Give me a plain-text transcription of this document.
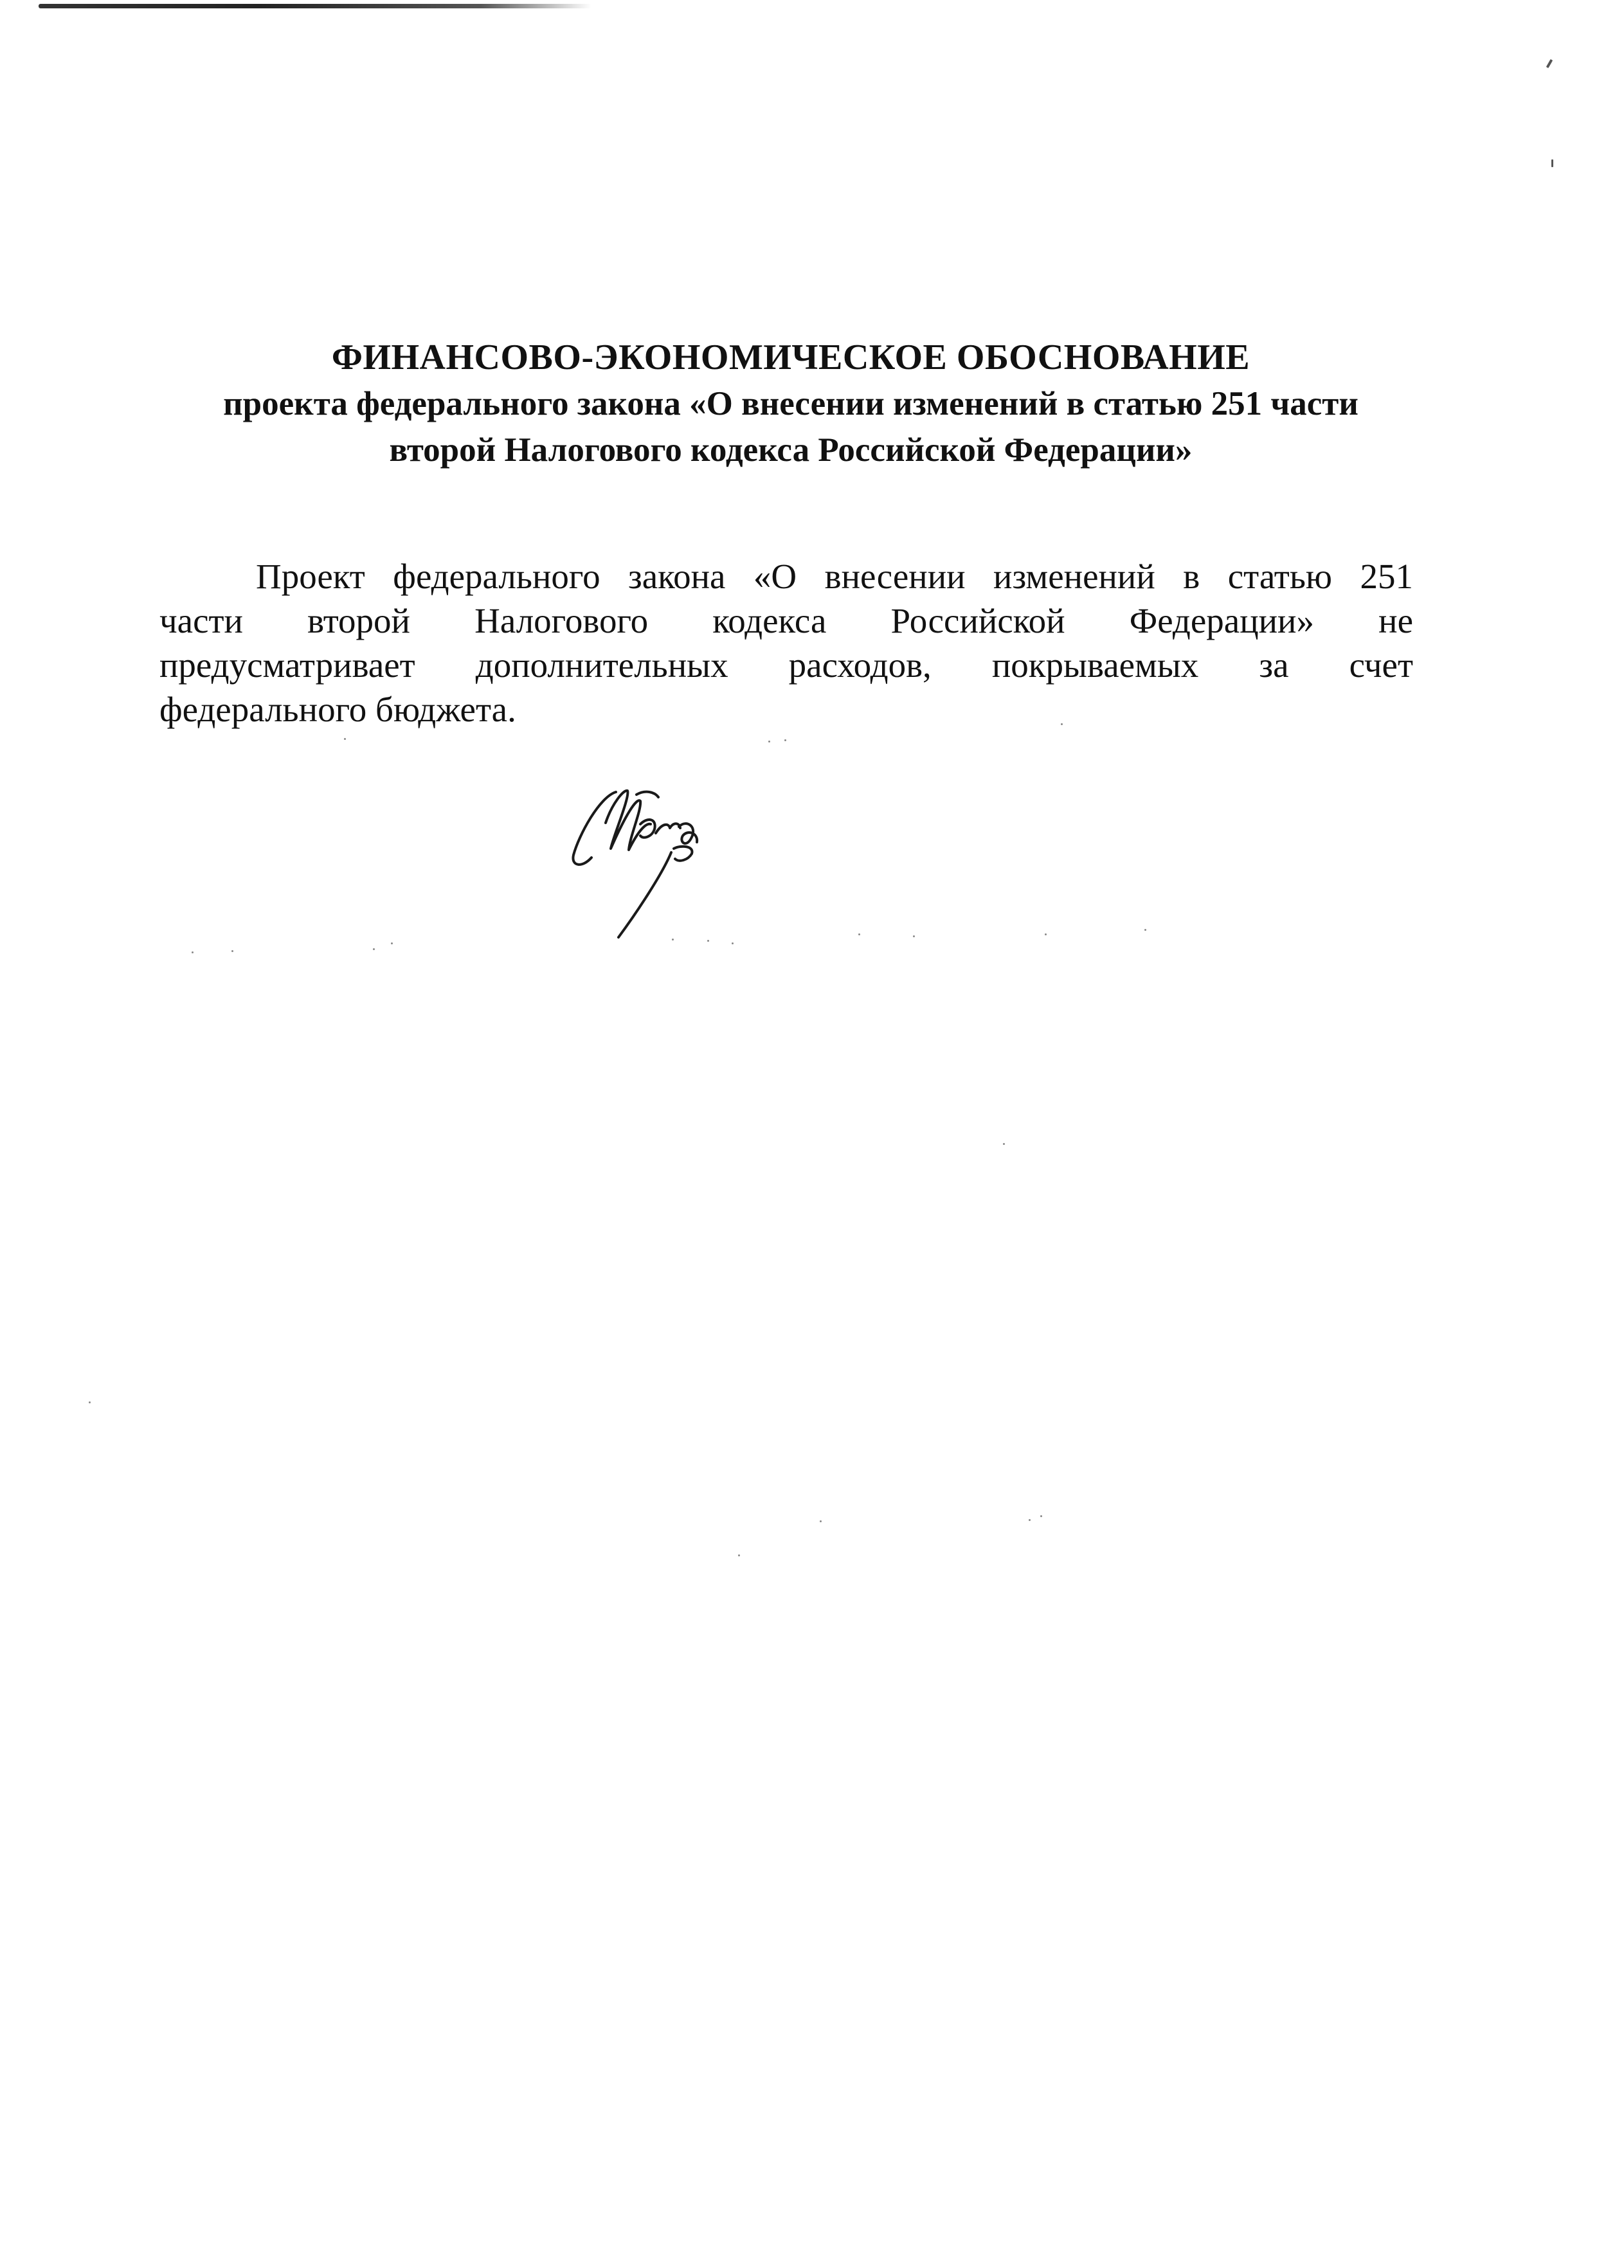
ФИНАНСОВО-ЭКОНОМИЧЕСКОЕ ОБОСНОВАНИЕ
проекта федерального закона «О внесении изменений в статью 251 части
второй Налогового кодекса Российской Федерации»
Проект федерального закона «О внесении изменений в статью 251
части второй Налогового кодекса Российской Федерации» не
предусматривает дополнительных расходов, покрываемых за счет
федерального бюджета.
